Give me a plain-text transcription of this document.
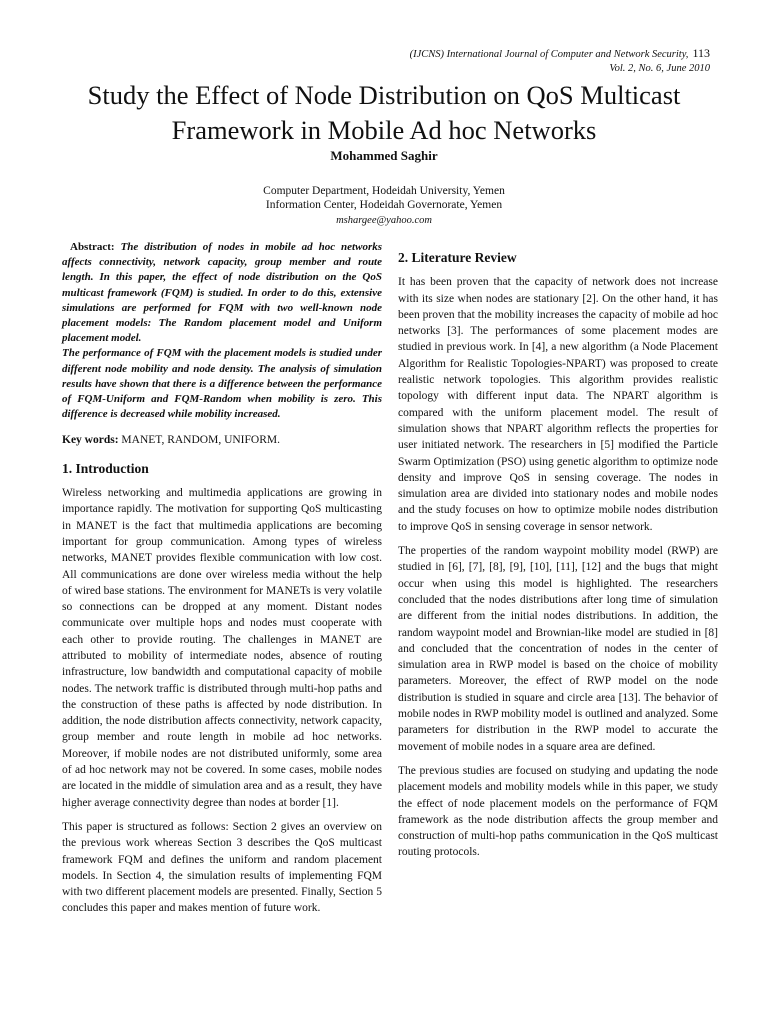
(IJCNS) International Journal of Computer and Network Security, 113
Vol. 2, No. 6, June 2010
Study the Effect of Node Distribution on QoS Multicast Framework in Mobile Ad hoc Networks
Mohammed Saghir
Computer Department, Hodeidah University, Yemen
Information Center, Hodeidah Governorate, Yemen
mshargee@yahoo.com

Abstract: The distribution of nodes in mobile ad hoc networks affects connectivity, network capacity, group member and route length. In this paper, the effect of node distribution on the QoS multicast framework (FQM) is studied. In order to do this, extensive simulations are performed for FQM with two well-known node placement models: The Random placement model and Uniform placement model.

The performance of FQM with the placement models is studied under different node mobility and node density. The analysis of simulation results have shown that there is a difference between the performance of FQM-Uniform and FQM-Random when mobility is zero. This difference is decreased while mobility increased.

Key words: MANET, RANDOM, UNIFORM.

1. Introduction

Wireless networking and multimedia applications are growing in importance rapidly. The motivation for supporting QoS multicasting in MANET is the fact that multimedia applications are becoming important for group communication. Among types of wireless networks, MANET provides flexible communication with low cost. All communications are done over wireless media without the help of wired base stations. The environment for MANETs is very volatile so connections can be dropped at any moment. Distant nodes communicate over multiple hops and nodes must cooperate with each other to provide routing. The challenges in MANET are attributed to mobility of intermediate nodes, absence of routing infrastructure, low bandwidth and computational capacity of mobile nodes. The network traffic is distributed through multi-hop paths and the construction of these paths is affected by node distribution. In addition, the node distribution affects connectivity, network capacity, group member and route length in mobile ad hoc networks. Moreover, if mobile nodes are not distributed uniformly, some area of ad hoc network may not be covered. In some cases, mobile nodes are located in the middle of simulation area and as a result, they have higher average connectivity degree than nodes at border [1].

This paper is structured as follows: Section 2 gives an overview on the previous work whereas Section 3 describes the QoS multicast framework FQM and defines the uniform and random placement models. In Section 4, the simulation results of implementing FQM with two different placement models are presented. Finally, Section 5 concludes this paper and makes mention of future work.

2. Literature Review

It has been proven that the capacity of network does not increase with its size when nodes are stationary [2]. On the other hand, it has been proven that the mobility increases the capacity of mobile ad hoc networks [3]. The performances of some placement modes are studied in previous work. In [4], a new algorithm (a Node Placement Algorithm for Realistic Topologies-NPART) was proposed to create realistic network topologies. This algorithm provides realistic topology with different input data. The NPART algorithm is compared with the uniform placement model. The result of simulation shows that NPART algorithm reflects the properties for user initiated network. The researchers in [5] modified the Particle Swarm Optimization (PSO) using genetic algorithm to optimize node density and improve QoS in sensing coverage. The nodes in simulation area are divided into stationary nodes and mobile nodes and the study focuses on how to optimize mobile nodes distribution to improve QoS in sensing coverage in sensor network.

The properties of the random waypoint mobility model (RWP) are studied in [6], [7], [8], [9], [10], [11], [12] and the bugs that might occur when using this model is highlighted. The researchers concluded that the nodes distributions after long time of simulation are different from the initial nodes distributions. In addition, the random waypoint model and Brownian-like model are studied in [8] and concluded that the concentration of nodes in the center of simulation area in RWP model is based on the choice of mobility parameters. Moreover, the effect of RWP model on the node distribution is studied in square and circle area [13]. The behavior of mobile nodes in RWP mobility model is outlined and analyzed. Some parameters for distribution in the RWP model to accurate the movement of mobile nodes in a square area are defined.

The previous studies are focused on studying and updating the node placement models and mobility models while in this paper, we study the effect of node placement models on the performance of FQM framework as the node distribution affects the group member and construction of multi-hop paths communication in the QoS multicast routing protocols.
